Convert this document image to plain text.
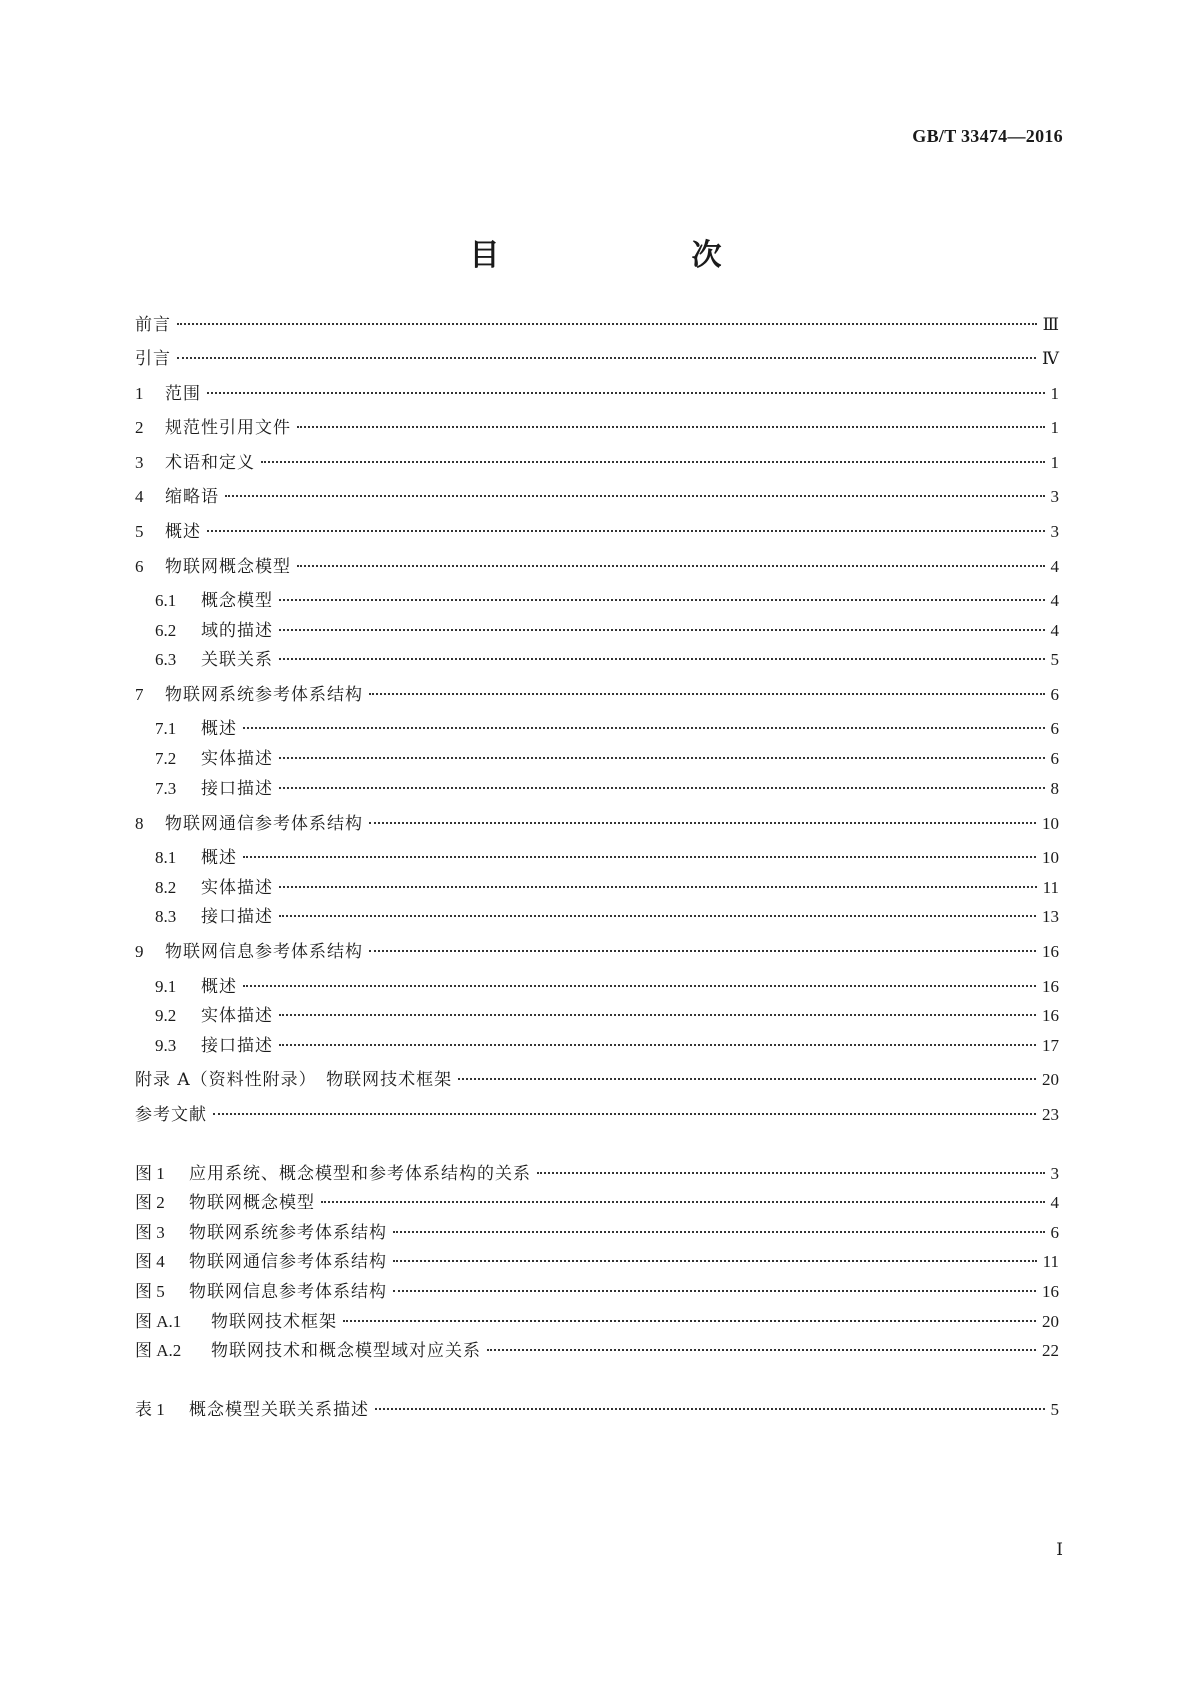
GB/T 33474—2016
目　　次
前言	Ⅲ
引言	Ⅳ
1	范围	1
2	规范性引用文件	1
3	术语和定义	1
4	缩略语	3
5	概述	3
6	物联网概念模型	4
6.1	概念模型	4
6.2	域的描述	4
6.3	关联关系	5
7	物联网系统参考体系结构	6
7.1	概述	6
7.2	实体描述	6
7.3	接口描述	8
8	物联网通信参考体系结构	10
8.1	概述	10
8.2	实体描述	11
8.3	接口描述	13
9	物联网信息参考体系结构	16
9.1	概述	16
9.2	实体描述	16
9.3	接口描述	17
附录 A（资料性附录）　物联网技术框架	20
参考文献	23
图 1	应用系统、概念模型和参考体系结构的关系	3
图 2	物联网概念模型	4
图 3	物联网系统参考体系结构	6
图 4	物联网通信参考体系结构	11
图 5	物联网信息参考体系结构	16
图 A.1	物联网技术框架	20
图 A.2	物联网技术和概念模型域对应关系	22
表 1	概念模型关联关系描述	5
Ⅰ
